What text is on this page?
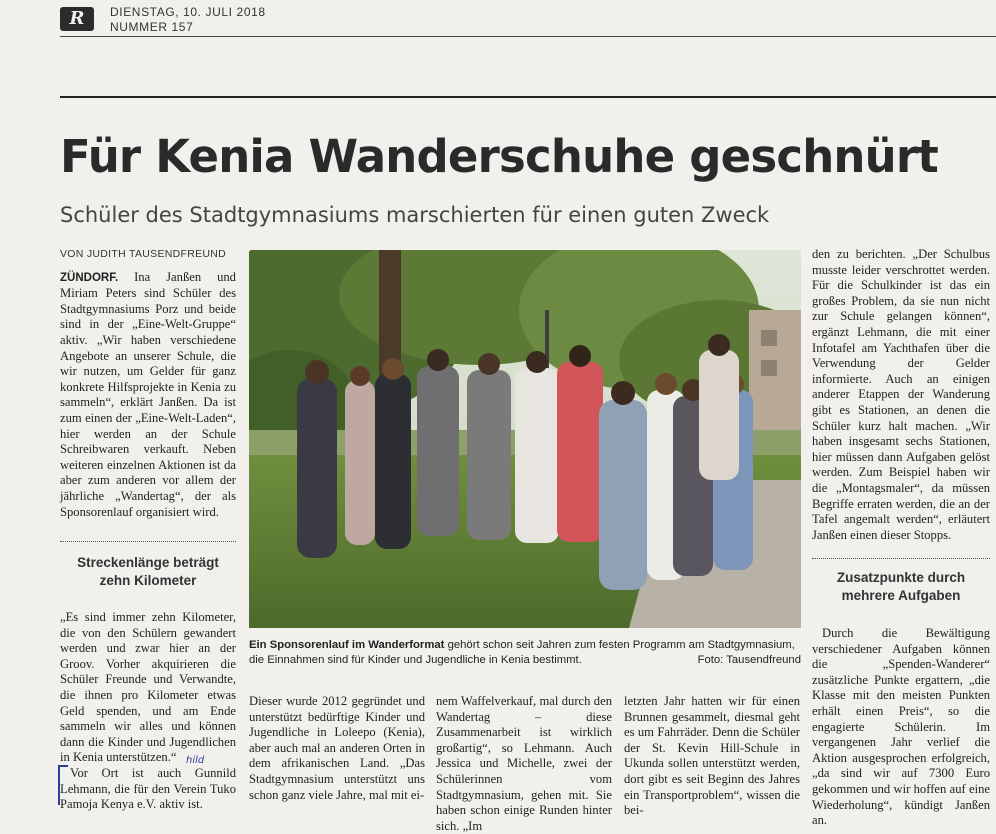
R DIENSTAG, 10. JULI 2018
NUMMER 157
Für Kenia Wanderschuhe geschnürt
Schüler des Stadtgymnasiums marschierten für einen guten Zweck

VON JUDITH TAUSENDFREUND

ZÜNDORF. Ina Janßen und Miriam Peters sind Schüler des Stadtgymnasiums Porz und beide sind in der „Eine-Welt-Gruppe“ aktiv. „Wir haben verschiedene Angebote an unserer Schule, die wir nutzen, um Gelder für ganz konkrete Hilfsprojekte in Kenia zu sammeln“, erklärt Janßen. Da ist zum einen der „Eine-Welt-Laden“, hier werden an der Schule Schreibwaren verkauft. Neben weiteren einzelnen Aktionen ist da aber zum anderen vor allem der jährliche „Wandertag“, der als Sponsorenlauf organisiert wird.

Streckenlänge beträgt zehn Kilometer

„Es sind immer zehn Kilometer, die von den Schülern gewandert werden und zwar hier an der Groov. Vorher akquirieren die Schüler Freunde und Verwandte, die ihnen pro Kilometer etwas Geld spenden, und am Ende sammeln wir alles und können dann die Kinder und Jugendlichen in Kenia unterstützen.“

Vor Ort ist auch Gunnild Lehmann, die für den Verein Tuko Pamoja Kenya e.V. aktiv ist.

hild
Ein Sponsorenlauf im Wanderformat gehört schon seit Jahren zum festen Programm am Stadtgymnasium, die Einnahmen sind für Kinder und Jugendliche in Kenia bestimmt.	Foto: Tausendfreund

Dieser wurde 2012 gegründet und unterstützt bedürftige Kinder und Jugendliche in Loleepo (Kenia), aber auch mal an anderen Orten in dem afrikanischen Land. „Das Stadtgymnasium unterstützt uns schon ganz viele Jahre, mal mit ei-

nem Waffelverkauf, mal durch den Wandertag – diese Zusammenarbeit ist wirklich großartig“, so Lehmann. Auch Jessica und Michelle, zwei der Schülerinnen vom Stadtgymnasium, gehen mit. Sie haben schon einige Runden hinter sich. „Im

letzten Jahr hatten wir für einen Brunnen gesammelt, diesmal geht es um Fahrräder. Denn die Schüler der St. Kevin Hill-Schule in Ukunda sollen unterstützt werden, dort gibt es seit Beginn des Jahres ein Transportproblem“, wissen die bei-

den zu berichten. „Der Schulbus musste leider verschrottet werden. Für die Schulkinder ist das ein großes Problem, da sie nun nicht zur Schule gelangen können“, ergänzt Lehmann, die mit einer Infotafel am Yachthafen über die Verwendung der Gelder informierte. Auch an einigen anderer Etappen der Wanderung gibt es Stationen, an denen die Schüler kurz halt machen. „Wir haben insgesamt sechs Stationen, hier müssen dann Aufgaben gelöst werden. Zum Beispiel haben wir die „Montagsmaler“, da müssen Begriffe erraten werden, die an der Tafel angemalt werden“, erläutert Janßen einen dieser Stopps.

Zusatzpunkte durch mehrere Aufgaben

Durch die Bewältigung verschiedener Aufgaben können die „Spenden-Wanderer“ zusätzliche Punkte ergattern, „die Klasse mit den meisten Punkten erhält einen Preis“, so die engagierte Schülerin. Im vergangenen Jahr verlief die Aktion ausgesprochen erfolgreich, „da sind wir auf 7300 Euro gekommen und wir hoffen auf eine Wiederholung“, kündigt Janßen an.
